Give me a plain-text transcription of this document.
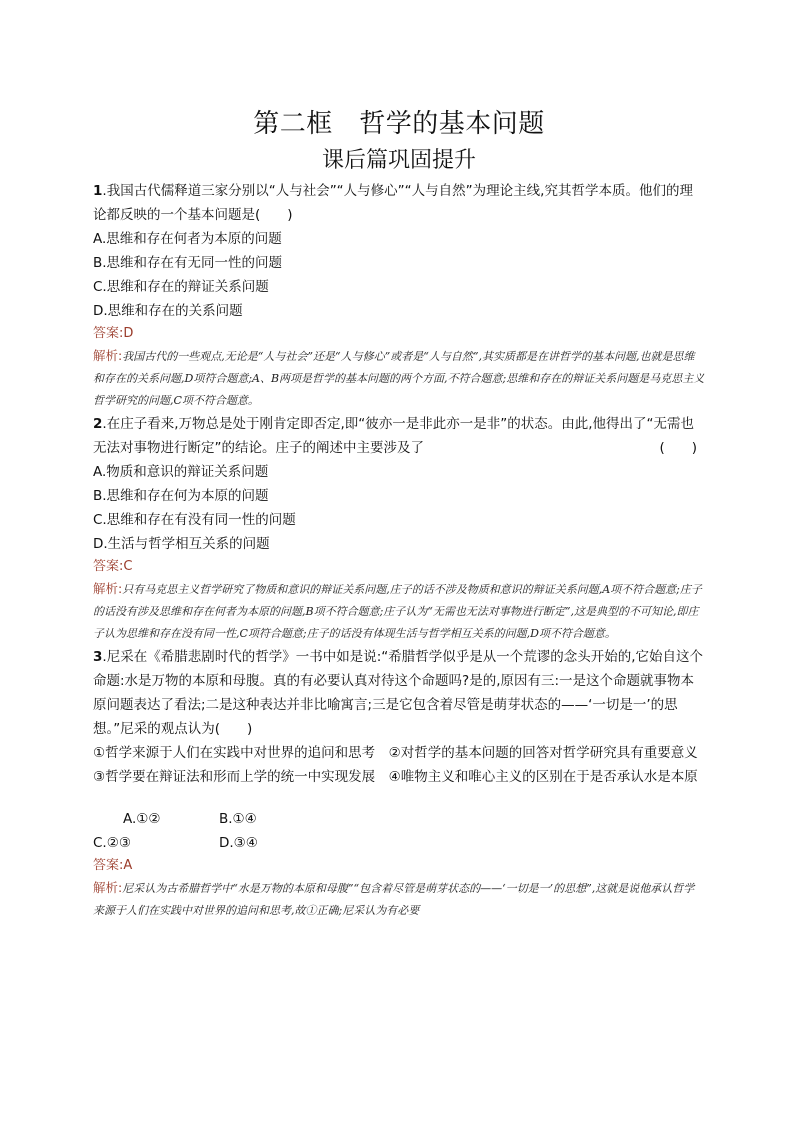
第二框　哲学的基本问题
课后篇巩固提升

1.我国古代儒释道三家分别以“人与社会”“人与修心”“人与自然”为理论主线,究其哲学本质。他们的理论都反映的一个基本问题是(　　)

A.思维和存在何者为本原的问题

B.思维和存在有无同一性的问题

C.思维和存在的辩证关系问题

D.思维和存在的关系问题

答案:D

解析:我国古代的一些观点,无论是“人与社会”还是“人与修心”或者是“人与自然”,其实质都是在讲哲学的基本问题,也就是思维和存在的关系问题,D项符合题意;A、B两项是哲学的基本问题的两个方面,不符合题意;思维和存在的辩证关系问题是马克思主义哲学研究的问题,C项不符合题意。

2.在庄子看来,万物总是处于刚肯定即否定,即“彼亦一是非此亦一是非”的状态。由此,他得出了“无需也无法对事物进行断定”的结论。庄子的阐述中主要涉及了	(　　)

A.物质和意识的辩证关系问题

B.思维和存在何为本原的问题

C.思维和存在有没有同一性的问题

D.生活与哲学相互关系的问题

答案:C

解析:只有马克思主义哲学研究了物质和意识的辩证关系问题,庄子的话不涉及物质和意识的辩证关系问题,A项不符合题意;庄子的话没有涉及思维和存在何者为本原的问题,B项不符合题意;庄子认为“无需也无法对事物进行断定”,这是典型的不可知论,即庄子认为思维和存在没有同一性,C项符合题意;庄子的话没有体现生活与哲学相互关系的问题,D项不符合题意。

3.尼采在《希腊悲剧时代的哲学》一书中如是说:“希腊哲学似乎是从一个荒谬的念头开始的,它始自这个命题:水是万物的本原和母腹。真的有必要认真对待这个命题吗?是的,原因有三:一是这个命题就事物本原问题表达了看法;二是这种表达并非比喻寓言;三是它包含着尽管是萌芽状态的——‘一切是一’的思想。”尼采的观点认为(　　)

①哲学来源于人们在实践中对世界的追问和思考　②对哲学的基本问题的回答对哲学研究具有重要意义　③哲学要在辩证法和形而上学的统一中实现发展　④唯物主义和唯心主义的区别在于是否承认水是本原

A.①②	B.①④

C.②③	D.③④

答案:A

解析:尼采认为古希腊哲学中“水是万物的本原和母腹”“包含着尽管是萌芽状态的——‘一切是一’的思想”,这就是说他承认哲学来源于人们在实践中对世界的追问和思考,故①正确;尼采认为有必要
